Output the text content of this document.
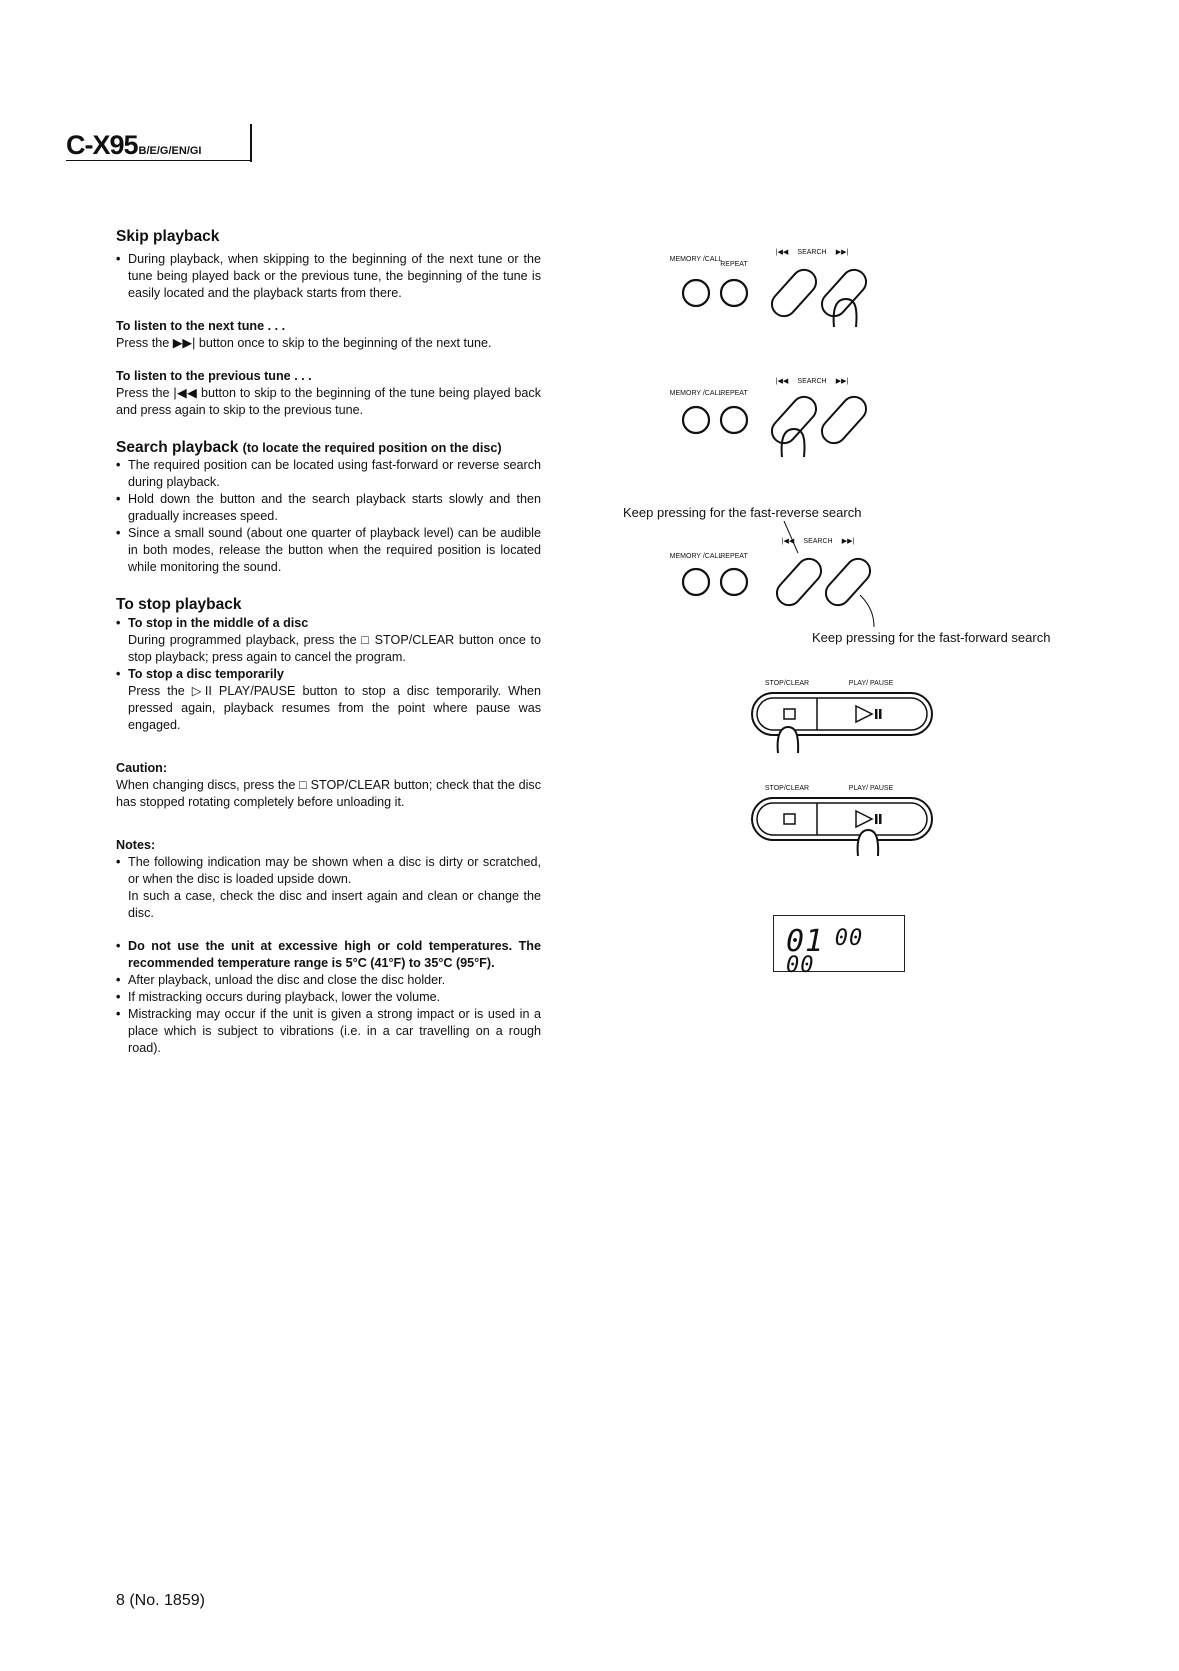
C-X95B/E/G/EN/GI
Skip playback
• During playback, when skipping to the beginning of the next tune or the tune being played back or the previous tune, the beginning of the tune is easily located and the playback starts from there.
To listen to the next tune . . .

Press the ▶▶| button once to skip to the beginning of the next tune.

To listen to the previous tune . . .

Press the |◀◀ button to skip to the beginning of the tune being played back and press again to skip to the previous tune.

Search playback (to locate the required position on the disc)
• The required position can be located using fast-forward or reverse search during playback.
• Hold down the button and the search playback starts slowly and then gradually increases speed.
• Since a small sound (about one quarter of playback level) can be audible in both modes, release the button when the required position is located while monitoring the sound.
To stop playback
• To stop in the middle of a disc

During programmed playback, press the □ STOP/CLEAR button once to stop playback; press again to cancel the program.

• To stop a disc temporarily

Press the ▷II PLAY/PAUSE button to stop a disc temporarily. When pressed again, playback resumes from the point where pause was engaged.

Caution:

When changing discs, press the □ STOP/CLEAR button; check that the disc has stopped rotating completely before unloading it.

Notes:
• The following indication may be shown when a disc is dirty or scratched, or when the disc is loaded upside down.

In such a case, check the disc and insert again and clean or change the disc.

• Do not use the unit at excessive high or cold temperatures. The recommended temperature range is 5°C (41°F) to 35°C (95°F).
• After playback, unload the disc and close the disc holder.
• If mistracking occurs during playback, lower the volume.
• Mistracking may occur if the unit is given a strong impact or is used in a place which is subject to vibrations (i.e. in a car travelling on a rough road).
MEMORY /CALL
REPEAT
SEARCH
|◀◀	▶▶|
MEMORY /CALL
REPEAT
SEARCH
|◀◀	▶▶|
Keep pressing for the fast-reverse search
MEMORY /CALL
REPEAT
SEARCH
|◀◀	▶▶|
Keep pressing for the fast-forward search
STOP/CLEAR	PLAY/ PAUSE
STOP/CLEAR	PLAY/ PAUSE
01 00 00
8 (No. 1859)
